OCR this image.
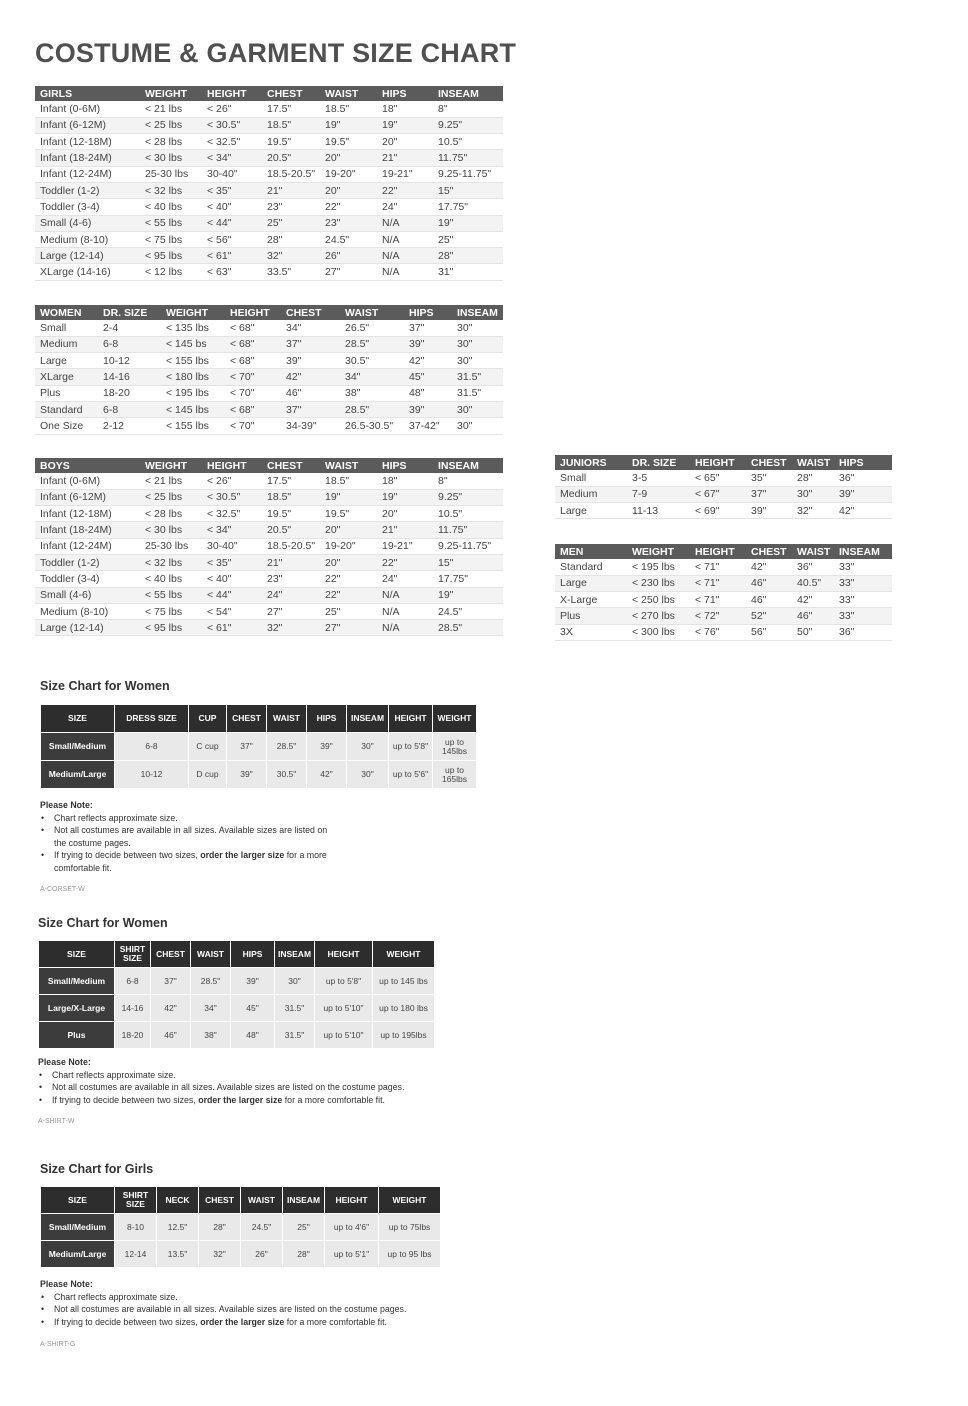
COSTUME & GARMENT SIZE CHART
GIRLS	WEIGHT	HEIGHT	CHEST	WAIST	HIPS	INSEAM
Infant (0-6M)	< 21 lbs	< 26"	17.5"	18.5"	18"	8"
Infant (6-12M)	< 25 lbs	< 30.5"	18.5"	19"	19"	9.25"
Infant (12-18M)	< 28 lbs	< 32.5"	19.5"	19.5"	20"	10.5"
Infant (18-24M)	< 30 lbs	< 34"	20.5"	20"	21"	11.75"
Infant (12-24M)	25-30 lbs	30-40"	18.5-20.5"	19-20"	19-21"	9.25-11.75"
Toddler (1-2)	< 32 lbs	< 35"	21"	20"	22"	15"
Toddler (3-4)	< 40 lbs	< 40"	23"	22"	24"	17.75"
Small (4-6)	< 55 lbs	< 44"	25"	23"	N/A	19"
Medium (8-10)	< 75 lbs	< 56"	28"	24.5"	N/A	25"
Large (12-14)	< 95 lbs	< 61"	32"	26"	N/A	28"
XLarge (14-16)	< 12 lbs	< 63"	33.5"	27"	N/A	31"
WOMEN	DR. SIZE	WEIGHT	HEIGHT	CHEST	WAIST	HIPS	INSEAM
Small	2-4	< 135 lbs	< 68"	34"	26.5"	37"	30"
Medium	6-8	< 145 bs	< 68"	37"	28.5"	39"	30"
Large	10-12	< 155 lbs	< 68"	39"	30.5"	42"	30"
XLarge	14-16	< 180 lbs	< 70"	42"	34"	45"	31.5"
Plus	18-20	< 195 lbs	< 70"	46"	38"	48"	31.5"
Standard	6-8	< 145 lbs	< 68"	37"	28.5"	39"	30"
One Size	2-12	< 155 lbs	< 70"	34-39"	26.5-30.5"	37-42"	30"
BOYS	WEIGHT	HEIGHT	CHEST	WAIST	HIPS	INSEAM
Infant (0-6M)	< 21 lbs	< 26"	17.5"	18.5"	18"	8"
Infant (6-12M)	< 25 lbs	< 30.5"	18.5"	19"	19"	9.25"
Infant (12-18M)	< 28 lbs	< 32.5"	19.5"	19.5"	20"	10.5"
Infant (18-24M)	< 30 lbs	< 34"	20.5"	20"	21"	11.75"
Infant (12-24M)	25-30 lbs	30-40"	18.5-20.5"	19-20"	19-21"	9.25-11.75"
Toddler (1-2)	< 32 lbs	< 35"	21"	20"	22"	15"
Toddler (3-4)	< 40 lbs	< 40"	23"	22"	24"	17.75"
Small (4-6)	< 55 lbs	< 44"	24"	22"	N/A	19"
Medium (8-10)	< 75 lbs	< 54"	27"	25"	N/A	24.5"
Large (12-14)	< 95 lbs	< 61"	32"	27"	N/A	28.5"
JUNIORS	DR. SIZE	HEIGHT	CHEST	WAIST	HIPS
Small	3-5	< 65"	35"	28"	36"
Medium	7-9	< 67"	37"	30"	39"
Large	11-13	< 69"	39"	32"	42"
MEN	WEIGHT	HEIGHT	CHEST	WAIST	INSEAM
Standard	< 195 lbs	< 71"	42"	36"	33"
Large	< 230 lbs	< 71"	46"	40.5"	33"
X-Large	< 250 lbs	< 71"	46"	42"	33"
Plus	< 270 lbs	< 72"	52"	46"	33"
3X	< 300 lbs	< 76"	56"	50"	36"
Size Chart for Women
SIZE	DRESS SIZE	CUP	CHEST	WAIST	HIPS	INSEAM	HEIGHT	WEIGHT
Small/Medium	6-8	C cup	37"	28.5"	39"	30"	up to 5'8"	up to 145lbs
Medium/Large	10-12	D cup	39"	30.5"	42"	30"	up to 5'6"	up to 165lbs
Please Note:
• Chart reflects approximate size.
• Not all costumes are available in all sizes. Available sizes are listed on the costume pages.
• If trying to decide between two sizes, order the larger size for a more comfortable fit.
A-CORSET-W
Size Chart for Women
SIZE	SHIRT SIZE	CHEST	WAIST	HIPS	INSEAM	HEIGHT	WEIGHT
Small/Medium	6-8	37"	28.5"	39"	30"	up to 5'8"	up to 145 lbs
Large/X-Large	14-16	42"	34"	45"	31.5"	up to 5'10"	up to 180 lbs
Plus	18-20	46"	38"	48"	31.5"	up to 5'10"	up to 195lbs
Please Note:
• Chart reflects approximate size.
• Not all costumes are available in all sizes. Available sizes are listed on the costume pages.
• If trying to decide between two sizes, order the larger size for a more comfortable fit.
A-SHIRT-W
Size Chart for Girls
SIZE	SHIRT SIZE	NECK	CHEST	WAIST	INSEAM	HEIGHT	WEIGHT
Small/Medium	8-10	12.5"	28"	24.5"	25"	up to 4'6"	up to 75lbs
Medium/Large	12-14	13.5"	32"	26"	28"	up to 5'1"	up to 95 lbs
Please Note:
• Chart reflects approximate size.
• Not all costumes are available in all sizes. Available sizes are listed on the costume pages.
• If trying to decide between two sizes, order the larger size for a more comfortable fit.
A-SHIRT-G
